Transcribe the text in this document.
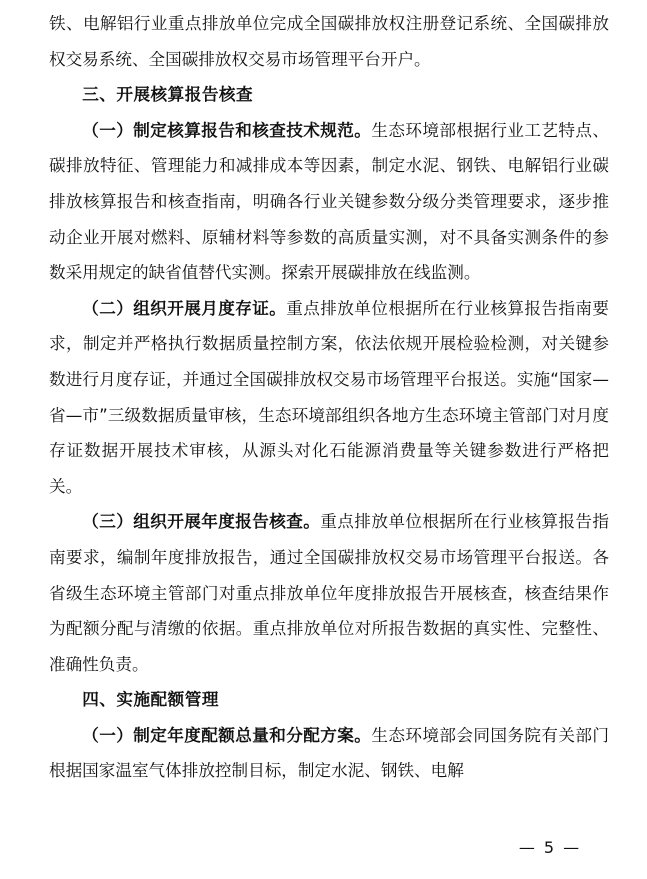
铁、电解铝行业重点排放单位完成全国碳排放权注册登记系统、全国碳排放权交易系统、全国碳排放权交易市场管理平台开户。

三、开展核算报告核查

（一）制定核算报告和核查技术规范。生态环境部根据行业工艺特点、碳排放特征、管理能力和减排成本等因素，制定水泥、钢铁、电解铝行业碳排放核算报告和核查指南，明确各行业关键参数分级分类管理要求，逐步推动企业开展对燃料、原辅材料等参数的高质量实测，对不具备实测条件的参数采用规定的缺省值替代实测。探索开展碳排放在线监测。

（二）组织开展月度存证。重点排放单位根据所在行业核算报告指南要求，制定并严格执行数据质量控制方案，依法依规开展检验检测，对关键参数进行月度存证，并通过全国碳排放权交易市场管理平台报送。实施“国家—省—市”三级数据质量审核，生态环境部组织各地方生态环境主管部门对月度存证数据开展技术审核，从源头对化石能源消费量等关键参数进行严格把关。

（三）组织开展年度报告核查。重点排放单位根据所在行业核算报告指南要求，编制年度排放报告，通过全国碳排放权交易市场管理平台报送。各省级生态环境主管部门对重点排放单位年度排放报告开展核查，核查结果作为配额分配与清缴的依据。重点排放单位对所报告数据的真实性、完整性、准确性负责。

四、实施配额管理

（一）制定年度配额总量和分配方案。生态环境部会同国务院有关部门根据国家温室气体排放控制目标，制定水泥、钢铁、电解

— 5 —
